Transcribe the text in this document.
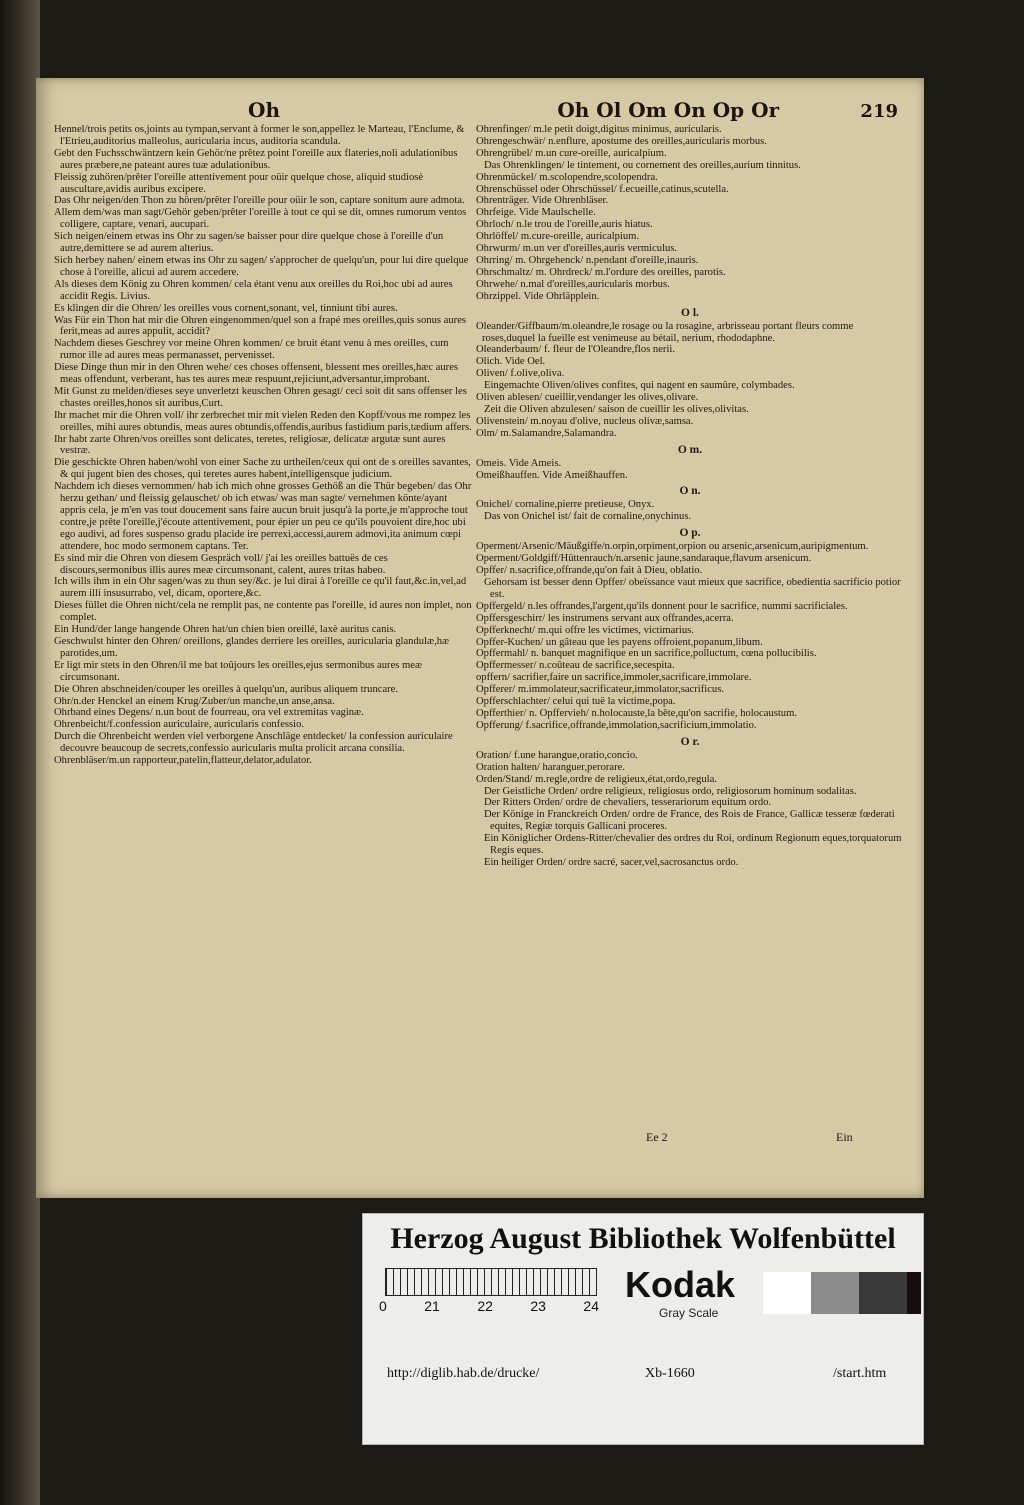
Oh

Hennel/trois petits os,joints au tympan,servant à former le son,appellez le Marteau, l'Enclume, & l'Etrieu,auditorius malleolus, auricularia incus, auditoria scandula.

Gebt den Fuchsschwäntzern kein Gehör/ne prêtez point l'oreille aux flateries,noli adulationibus aures præbere,ne pateant aures tuæ adulationibus.

Fleissig zuhören/prêter l'oreille attentivement pour oüir quelque chose, aliquid studiosè auscultare,avidis auribus excipere.

Das Ohr neigen/den Thon zu hören/prêter l'oreille pour oüir le son, captare sonitum aure admota.

Allem dem/was man sagt/Gehör geben/prêter l'oreille à tout ce qui se dit, omnes rumorum ventos colligere, captare, venari, aucupari.

Sich neigen/einem etwas ins Ohr zu sagen/se baisser pour dire quelque chose à l'oreille d'un autre,demittere se ad aurem alterius.

Sich herbey nahen/ einem etwas ins Ohr zu sagen/ s'approcher de quelqu'un, pour lui dire quelque chose à l'oreille, alicui ad aurem accedere.

Als dieses dem König zu Ohren kommen/ cela étant venu aux oreilles du Roi,hoc ubi ad aures accidit Regis. Livius.

Es klingen dir die Ohren/ les oreilles vous cornent,sonant, vel, tinniunt tibi aures.

Was Für ein Thon hat mir die Ohren eingenommen/quel son a frapé mes oreilles,quis sonus aures ferit,meas ad aures appulit, accidit?

Nachdem dieses Geschrey vor meine Ohren kommen/ ce bruit étant venu à mes oreilles, cum rumor ille ad aures meas permanasset, pervenisset.

Diese Dinge thun mir in den Ohren wehe/ ces choses offensent, blessent mes oreilles,hæc aures meas offendunt, verberant, has tes aures meæ respuunt,rejiciunt,adversantur,improbant.

Mit Gunst zu melden/dieses seye unverletzt keuschen Ohren gesagt/ ceci soit dit sans offenser les chastes oreilles,honos sit auribus,Curt.

Ihr machet mir die Ohren voll/ ihr zerbrechet mir mit vielen Reden den Kopff/vous me rompez les oreilles, mihi aures obtundis, meas aures obtundis,offendis,auribus fastidium paris,tædium affers.

Ihr habt zarte Ohren/vos oreilles sont delicates, teretes, religiosæ, delicatæ argutæ sunt aures vestræ.

Die geschickte Ohren haben/wohl von einer Sache zu urtheilen/ceux qui ont de s oreilles savantes, & qui jugent bien des choses, qui teretes aures habent,intelligensque judicium.

Nachdem ich dieses vernommen/ hab ich mich ohne grosses Gethöß an die Thür begeben/ das Ohr herzu gethan/ und fleissig gelauschet/ ob ich etwas/ was man sagte/ vernehmen könte/ayant appris cela, je m'en vas tout doucement sans faire aucun bruit jusqu'à la porte,je m'approche tout contre,je prête l'oreille,j'écoute attentivement, pour épier un peu ce qu'ils pouvoient dire,hoc ubi ego audivi, ad fores suspenso gradu placide ire perrexi,accessi,aurem admovi,ita animum cœpi attendere, hoc modo sermonem captans. Ter.

Es sind mir die Ohren von diesem Gespräch voll/ j'ai les oreilles battuës de ces discours,sermonibus illis aures meæ circumsonant, calent, aures tritas habeo.

Ich wills ihm in ein Ohr sagen/was zu thun sey/&c. je lui dirai à l'oreille ce qu'il faut,&c.in,vel,ad aurem illi insusurrabo, vel, dicam, oportere,&c.

Dieses füllet die Ohren nicht/cela ne remplit pas, ne contente pas l'oreille, id aures non implet, non complet.

Ein Hund/der lange hangende Ohren hat/un chien bien oreillé, laxè auritus canis.

Geschwulst hinter den Ohren/ oreillons, glandes derriere les oreilles, auricularia glandulæ,hæ parotides,um.

Er ligt mir stets in den Ohren/il me bat toûjours les oreilles,ejus sermonibus aures meæ circumsonant.

Die Ohren abschneiden/couper les oreilles à quelqu'un, auribus aliquem truncare.

Ohr/n.der Henckel an einem Krug/Zuber/un manche,un anse,ansa.

Ohrband eines Degens/ n.un bout de fourreau, ora vel extremitas vaginæ.

Ohrenbeicht/f.confession auriculaire, auricularis confessio.

Durch die Ohrenbeicht werden viel verborgene Anschläge entdecket/ la confession auriculaire decouvre beaucoup de secrets,confessio auricularis multa prolicit arcana consilia.

Ohrenbläser/m.un rapporteur,patelin,flatteur,delator,adulator.

Oh Ol Om On Op Or	219

Ohrenfinger/ m.le petit doigt,digitus minimus, auricularis.

Ohrengeschwär/ n.enflure, apostume des oreilles,auricularis morbus.

Ohrengrübel/ m.un cure-oreille, auricalpium.

Das Ohrenklingen/ le tintement, ou cornement des oreilles,aurium tinnitus.

Ohrenmückel/ m.scolopendre,scolopendra.

Ohrenschüssel oder Ohrschüssel/ f.ecueille,catinus,scutella.

Ohrenträger. Vide Ohrenbläser.

Ohrfeige. Vide Maulschelle.

Ohrloch/ n.le trou de l'oreille,auris hiatus.

Ohrlöffel/ m.cure-oreille, auricalpium.

Ohrwurm/ m.un ver d'oreilles,auris vermiculus.

Ohrring/ m. Ohrgehenck/ n.pendant d'oreille,inauris.

Ohrschmaltz/ m. Ohrdreck/ m.l'ordure des oreilles, parotis.

Ohrwehe/ n.mal d'oreilles,auricularis morbus.

Ohrzippel. Vide Ohrläpplein.

O l.

Oleander/Giffbaum/m.oleandre,le rosage ou la rosagine, arbrisseau portant fleurs comme roses,duquel la fueille est venimeuse au bétail, nerium, rhododaphne.

Oleanderbaum/ f. fleur de l'Oleandre,flos nerii.

Olich. Vide Oel.

Oliven/ f.olive,oliva.

Eingemachte Oliven/olives confites, qui nagent en saumûre, colymbades.

Oliven ablesen/ cueillir,vendanger les olives,olivare.

Zeit die Oliven abzulesen/ saison de cueillir les olives,olivitas.

Olivenstein/ m.noyau d'olive, nucleus olivæ,samsa.

Olm/ m.Salamandre,Salamandra.

O m.

Omeis. Vide Ameis.

Omeißhauffen. Vide Ameißhauffen.

O n.

Onichel/ cornaline,pierre pretieuse, Onyx.

Das von Onichel ist/ fait de cornaline,onychinus.

O p.

Operment/Arsenic/Mäußgiffe/n.orpin,orpiment,orpion ou arsenic,arsenicum,auripigmentum.

Operment/Goldgiff/Hüttenrauch/n.arsenic jaune,sandaraque,flavum arsenicum.

Opffer/ n.sacrifice,offrande,qu'on fait à Dieu, oblatio.

Gehorsam ist besser denn Opffer/ obeïssance vaut mieux que sacrifice, obedientia sacrificio potior est.

Opffergeld/ n.les offrandes,l'argent,qu'ils donnent pour le sacrifice, nummi sacrificiales.

Opffersgeschirr/ les instrumens servant aux offrandes,acerra.

Opfferknecht/ m.qui offre les victimes, victimarius.

Opffer-Kuchen/ un gâteau que les payens offroient,popanum,libum.

Opffermahl/ n. banquet magnifique en un sacrifice,polluctum, cœna pollucibilis.

Opffermesser/ n.coûteau de sacrifice,secespita.

opffern/ sacrifier,faire un sacrifice,immoler,sacrificare,immolare.

Opfferer/ m.immolateur,sacrificateur,immolator,sacrificus.

Opfferschlachter/ celui qui tuë la victime,popa.

Opfferthier/ n. Opffervieh/ n.holocauste,la bête,qu'on sacrifie, holocaustum.

Opfferung/ f.sacrifice,offrande,immolation,sacrificium,immolatio.

O r.

Oration/ f.une harangue,oratio,concio.

Oration halten/ haranguer,perorare.

Orden/Stand/ m.regle,ordre de religieux,état,ordo,regula.

Der Geistliche Orden/ ordre religieux, religiosus ordo, religiosorum hominum sodalitas.

Der Ritters Orden/ ordre de chevaliers, tesserariorum equitum ordo.

Der Könige in Franckreich Orden/ ordre de France, des Rois de France, Gallicæ tesseræ fœderati equites, Regiæ torquis Gallicani proceres.

Ein Königlicher Ordens-Ritter/chevalier des ordres du Roi, ordinum Regionum eques,torquatorum Regis eques.

Ein heiliger Orden/ ordre sacré, sacer,vel,sacrosanctus ordo.

Ee 2	Ein
Herzog August Bibliothek Wolfenbüttel
0	21	22	23	24
Kodak
Gray Scale
http://diglib.hab.de/drucke/	Xb-1660	/start.htm
